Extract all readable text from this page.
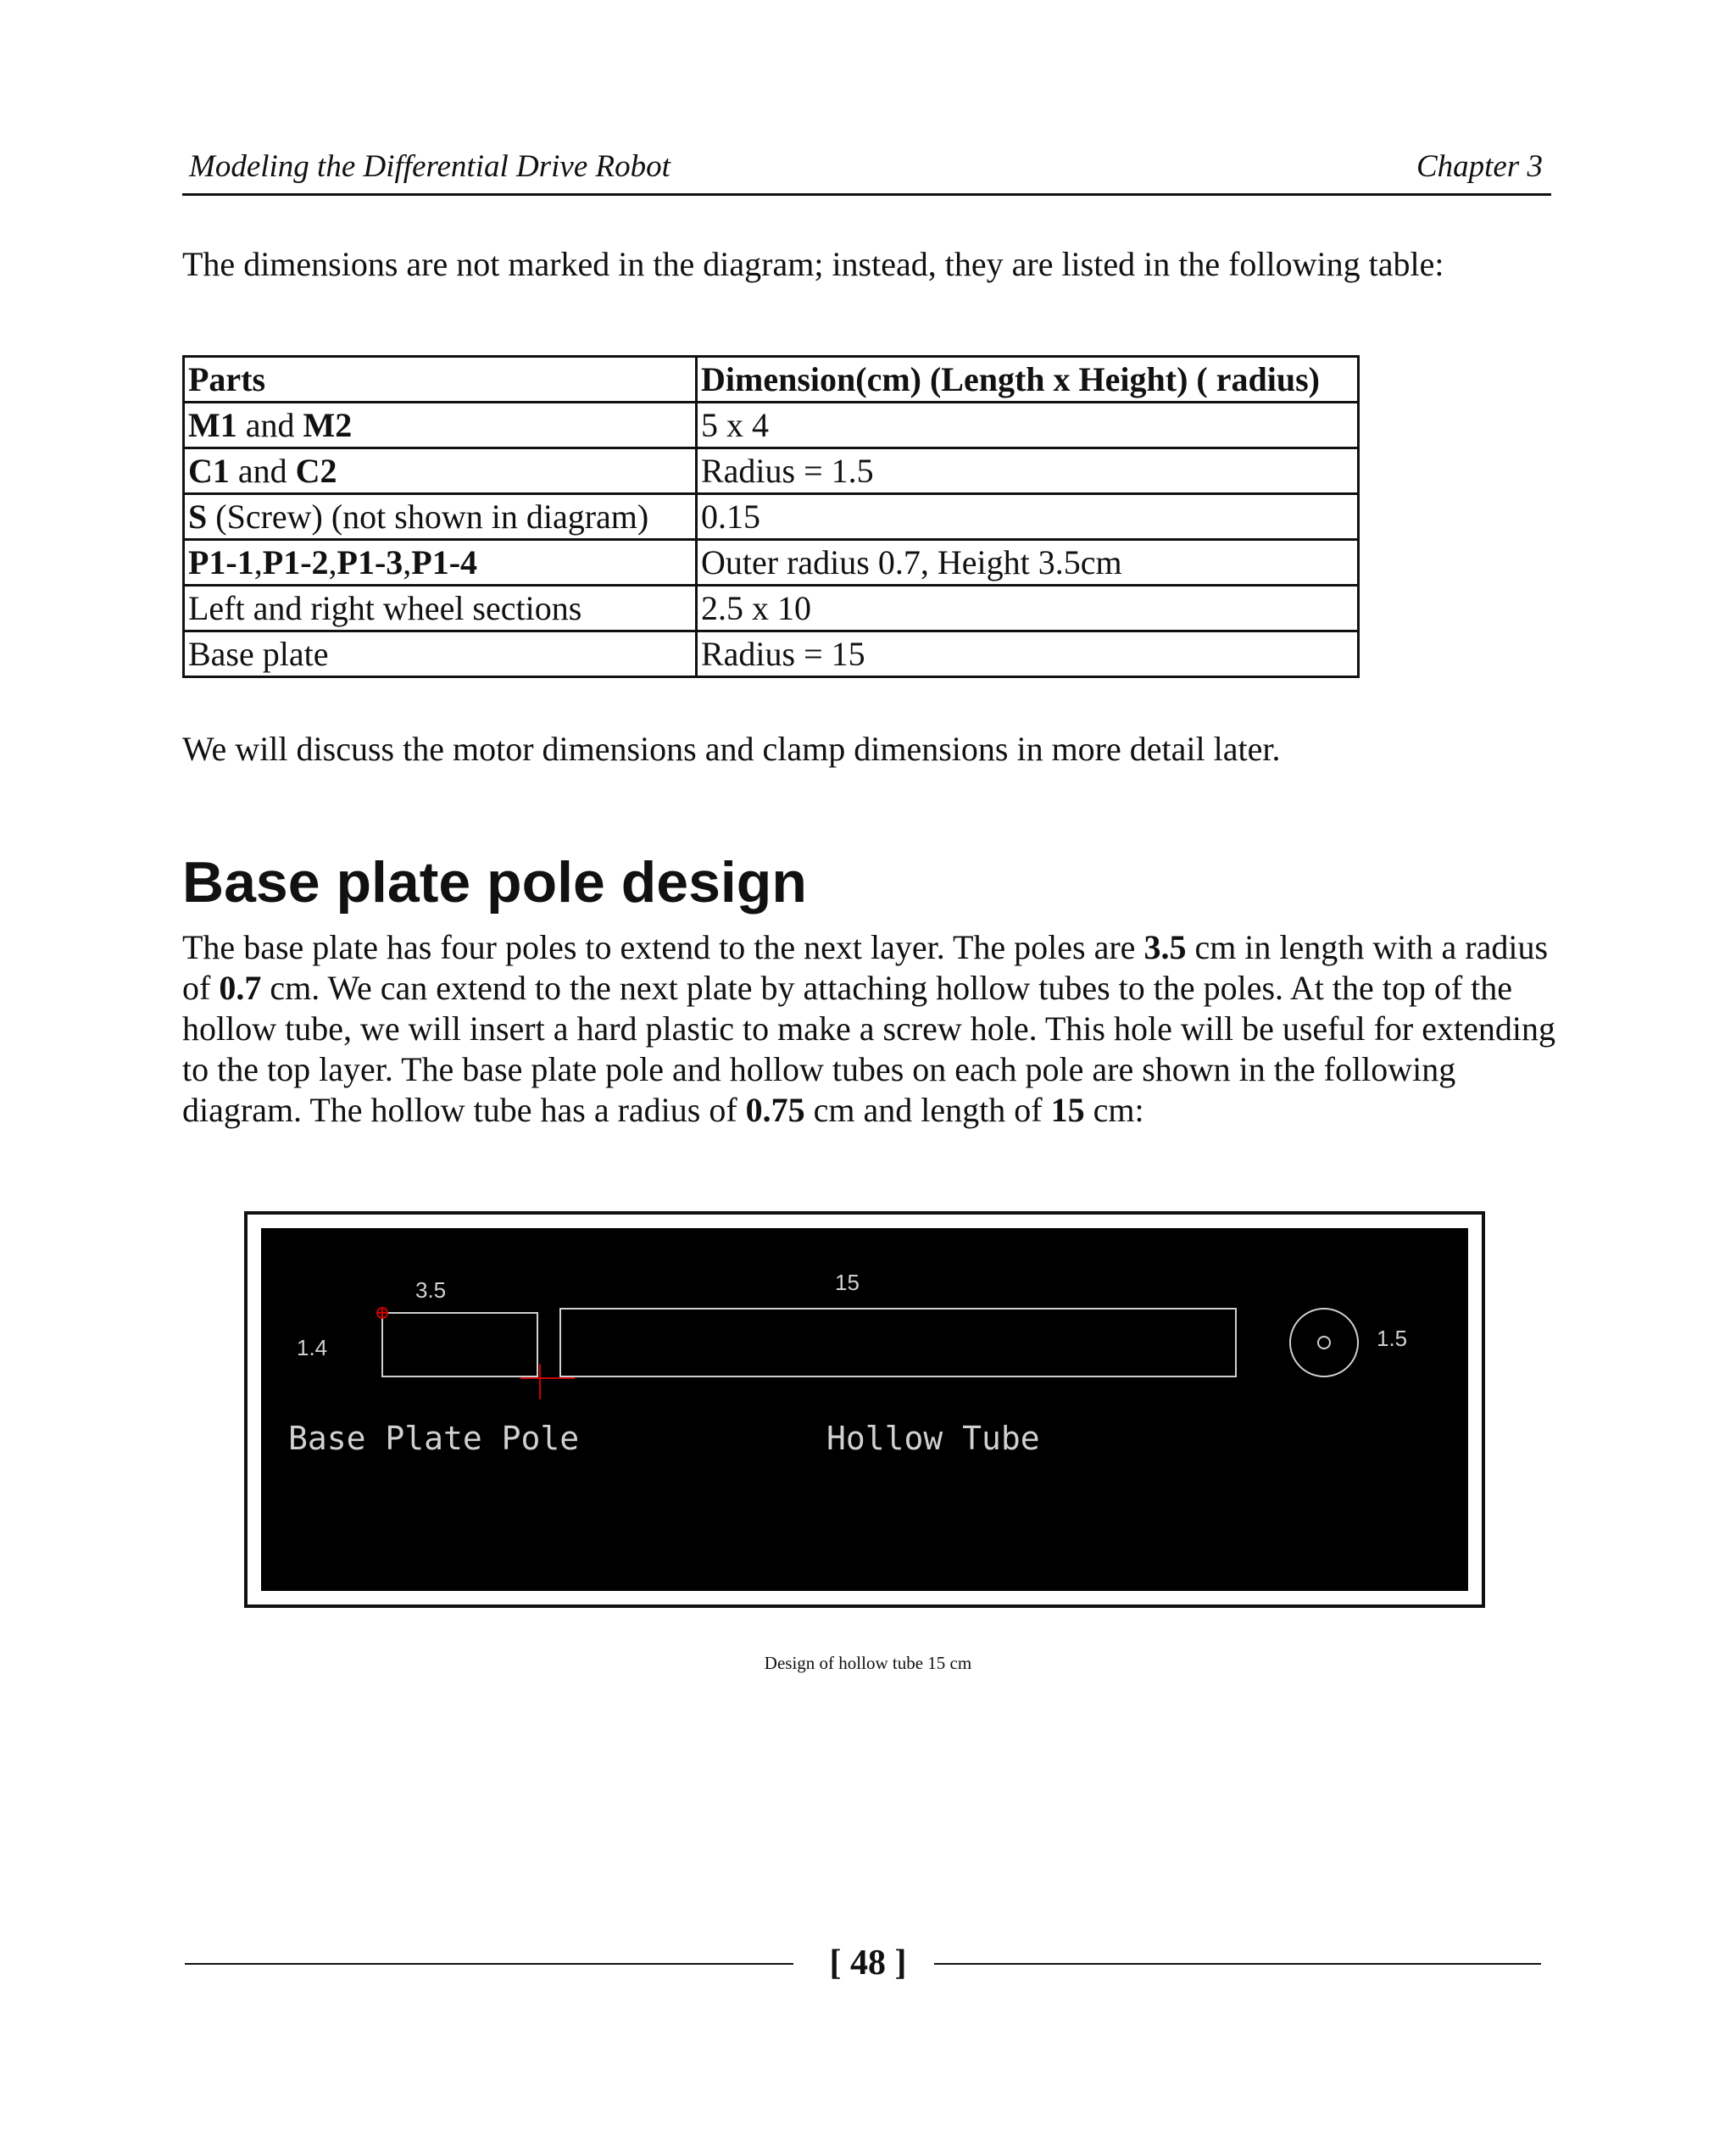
Modeling the Differential Drive Robot	Chapter 3

The dimensions are not marked in the diagram; instead, they are listed in the following table:

Parts	Dimension(cm) (Length x Height) ( radius)
M1 and M2	5 x 4
C1 and C2	Radius = 1.5
S (Screw) (not shown in diagram)	0.15
P1-1,P1-2,P1-3,P1-4	Outer radius 0.7, Height 3.5cm
Left and right wheel sections	2.5 x 10
Base plate	Radius = 15

We will discuss the motor dimensions and clamp dimensions in more detail later.

Base plate pole design

The base plate has four poles to extend to the next layer. The poles are 3.5 cm in length with a radius of 0.7 cm. We can extend to the next plate by attaching hollow tubes to the poles. At the top of the hollow tube, we will insert a hard plastic to make a screw hole. This hole will be useful for extending to the top layer. The base plate pole and hollow tubes on each pole are shown in the following diagram. The hollow tube has a radius of 0.75 cm and length of 15 cm:

3.5
1.4
15
1.5
Base Plate Pole	Hollow Tube
Design of hollow tube 15 cm
[ 48 ]
